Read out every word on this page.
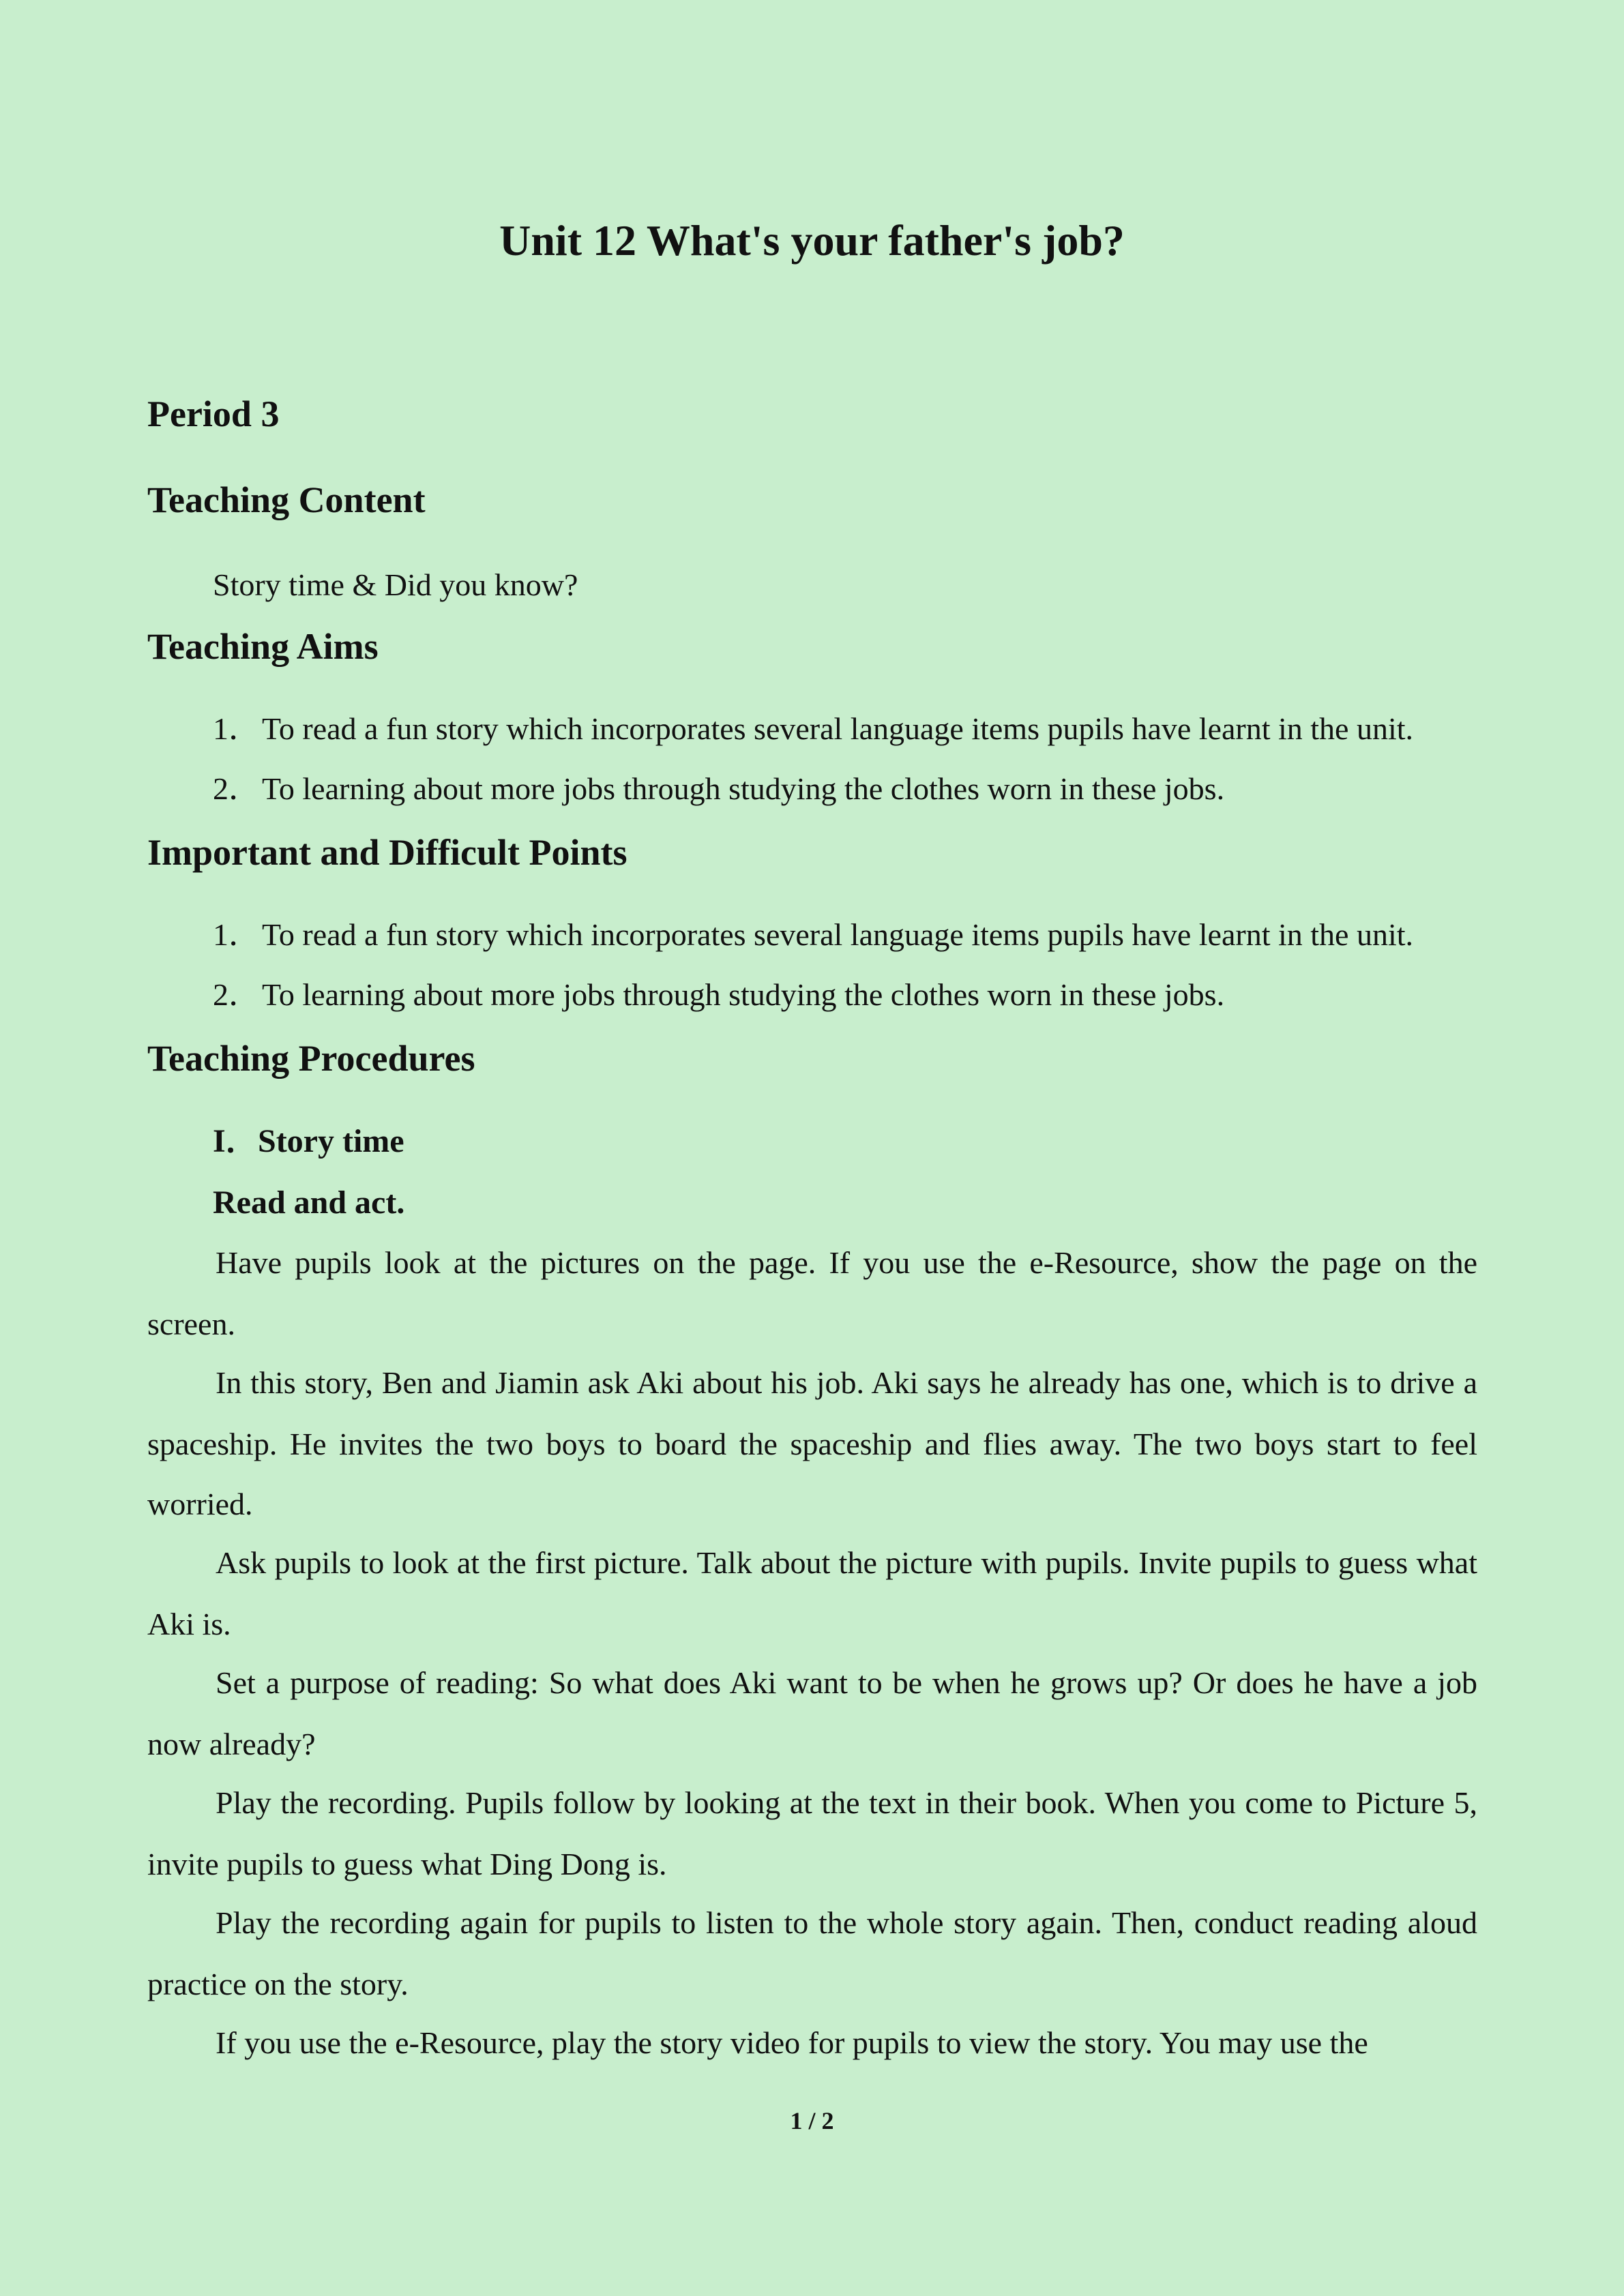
Unit 12 What's your father's job?
Period 3
Teaching Content

Story time & Did you know?

Teaching Aims

1．To read a fun story which incorporates several language items pupils have learnt in the unit.

2．To learning about more jobs through studying the clothes worn in these jobs.

Important and Difficult Points

1．To read a fun story which incorporates several language items pupils have learnt in the unit.

2．To learning about more jobs through studying the clothes worn in these jobs.

Teaching Procedures

I．Story time

Read and act.

Have pupils look at the pictures on the page. If you use the e-Resource, show the page on the screen.

In this story, Ben and Jiamin ask Aki about his job. Aki says he already has one, which is to drive a spaceship. He invites the two boys to board the spaceship and flies away. The two boys start to feel worried.

Ask pupils to look at the first picture. Talk about the picture with pupils. Invite pupils to guess what Aki is.

Set a purpose of reading: So what does Aki want to be when he grows up? Or does he have a job now already?

Play the recording. Pupils follow by looking at the text in their book. When you come to Picture 5, invite pupils to guess what Ding Dong is.

Play the recording again for pupils to listen to the whole story again. Then, conduct reading aloud practice on the story.

If you use the e-Resource, play the story video for pupils to view the story. You may use the

1 / 2
